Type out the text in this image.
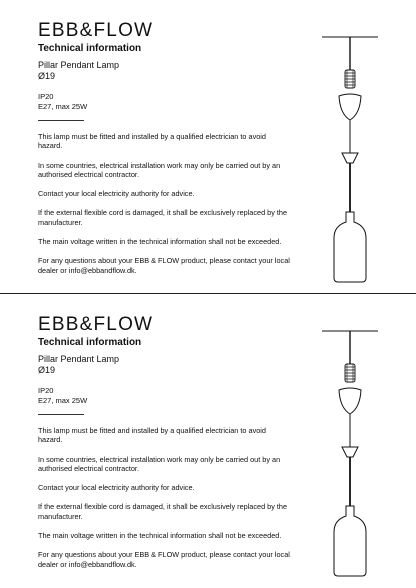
EBB&FLOW
Technical information
Pillar Pendant Lamp
Ø19
IP20
E27, max 25W

This lamp must be fitted and installed by a qualified electrician to avoid hazard.

In some countries, electrical installation work may only be carried out by an authorised electrical contractor.

Contact your local electricity authority for advice.

If the external flexible cord is damaged, it shall be exclusively replaced by the manufacturer.

The main voltage written in the technical information shall not be exceeded.

For any questions about your EBB & FLOW product, please contact your local dealer or info@ebbandflow.dk.

EBB&FLOW
Technical information
Pillar Pendant Lamp
Ø19
IP20
E27, max 25W

This lamp must be fitted and installed by a qualified electrician to avoid hazard.

In some countries, electrical installation work may only be carried out by an authorised electrical contractor.

Contact your local electricity authority for advice.

If the external flexible cord is damaged, it shall be exclusively replaced by the manufacturer.

The main voltage written in the technical information shall not be exceeded.

For any questions about your EBB & FLOW product, please contact your local dealer or info@ebbandflow.dk.
